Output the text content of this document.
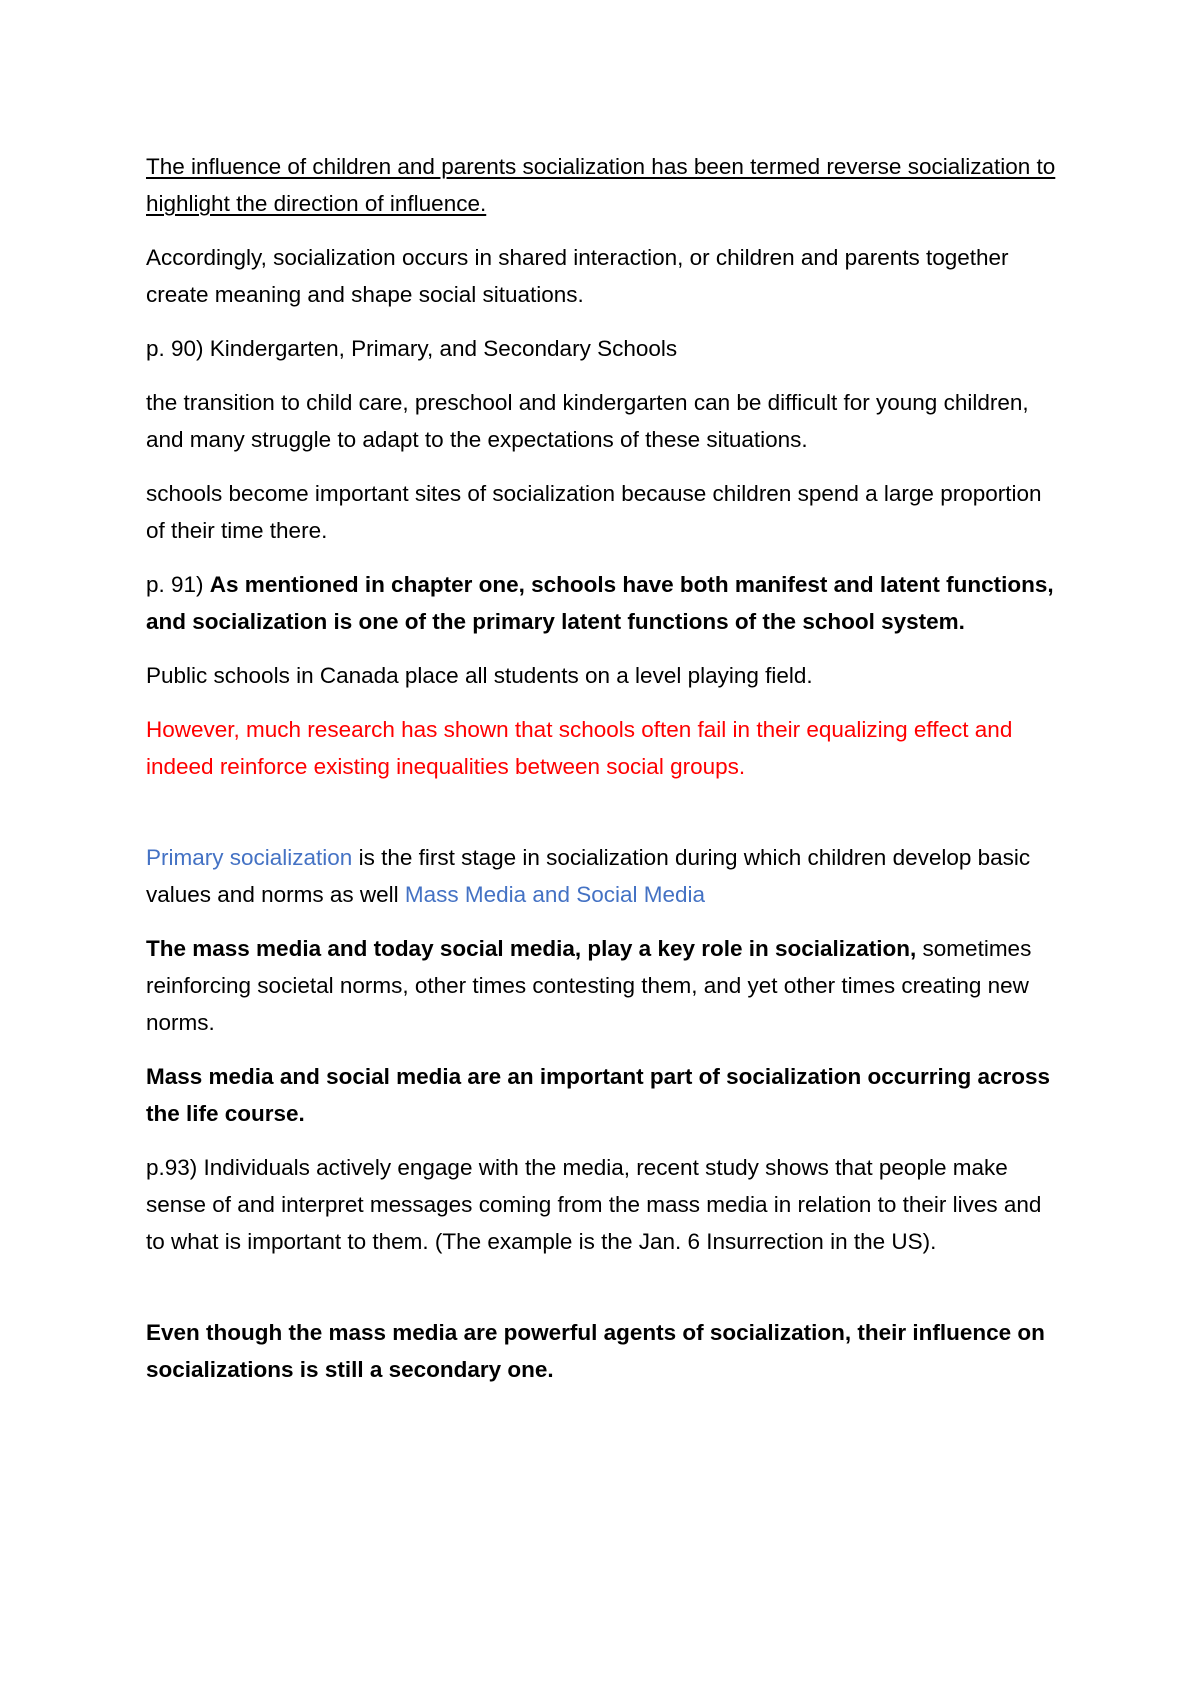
The influence of children and parents socialization has been termed reverse socialization to highlight the direction of influence.

Accordingly, socialization occurs in shared interaction, or children and parents together create meaning and shape social situations.

p. 90) Kindergarten, Primary, and Secondary Schools

the transition to child care, preschool and kindergarten can be difficult for young children, and many struggle to adapt to the expectations of these situations.

schools become important sites of socialization because children spend a large proportion of their time there.

p. 91) As mentioned in chapter one, schools have both manifest and latent functions, and socialization is one of the primary latent functions of the school system.

Public schools in Canada place all students on a level playing field.

However, much research has shown that schools often fail in their equalizing effect and indeed reinforce existing inequalities between social groups.

Primary socialization is the first stage in socialization during which children develop basic values and norms as well Mass Media and Social Media

The mass media and today social media, play a key role in socialization, sometimes reinforcing societal norms, other times contesting them, and yet other times creating new norms.

Mass media and social media are an important part of socialization occurring across the life course.

p.93) Individuals actively engage with the media, recent study shows that people make sense of and interpret messages coming from the mass media in relation to their lives and to what is important to them. (The example is the Jan. 6 Insurrection in the US).

Even though the mass media are powerful agents of socialization, their influence on socializations is still a secondary one.
